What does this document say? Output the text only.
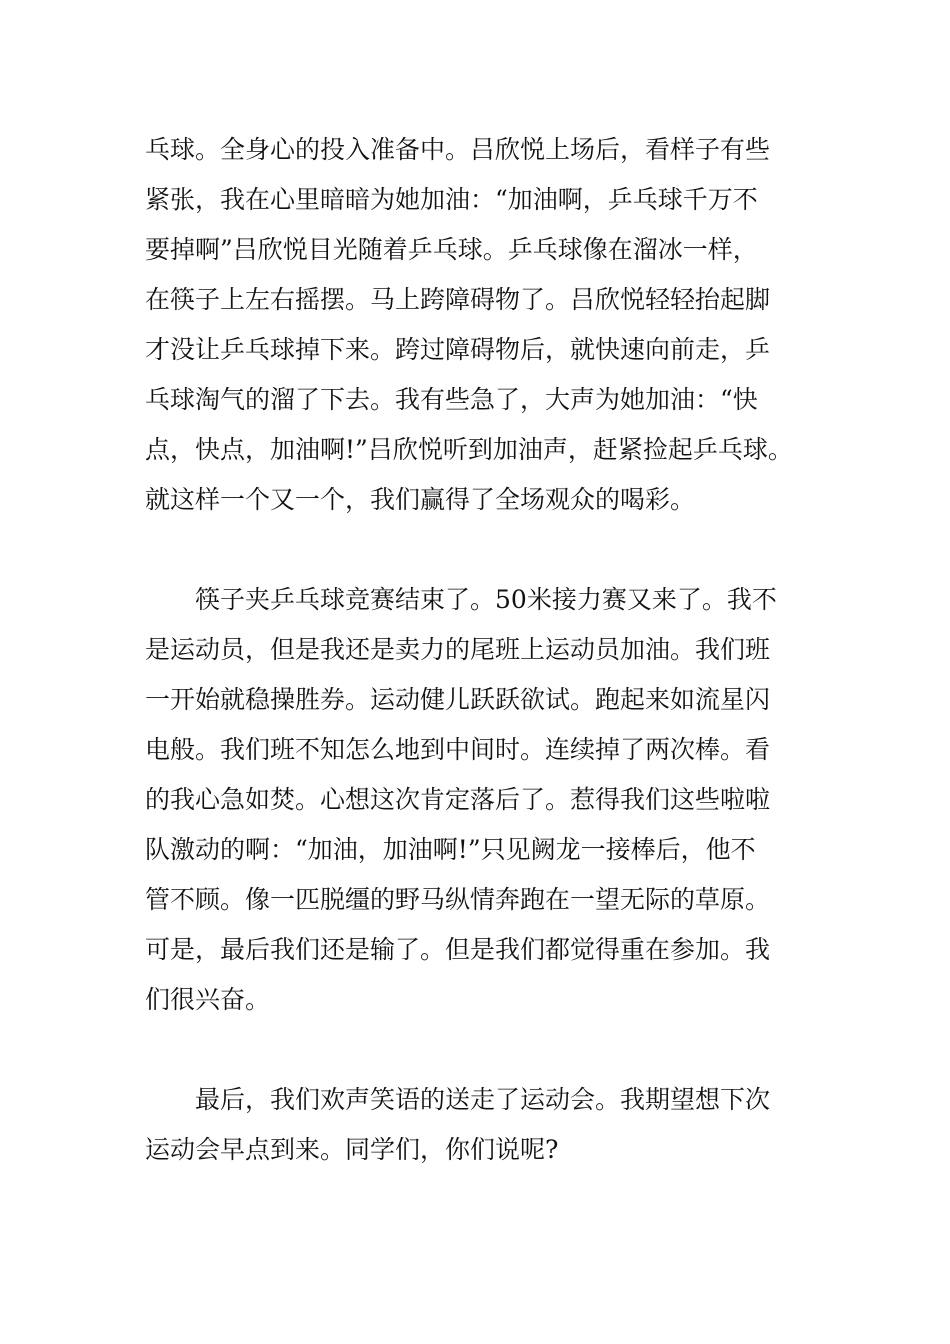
乓球。全身心的投入准备中。吕欣悦上场后，看样子有些
紧张，我在心里暗暗为她加油：“加油啊，乒乓球千万不
要掉啊”吕欣悦目光随着乒乓球。乒乓球像在溜冰一样，
在筷子上左右摇摆。马上跨障碍物了。吕欣悦轻轻抬起脚
才没让乒乓球掉下来。跨过障碍物后，就快速向前走，乒
乓球淘气的溜了下去。我有些急了，大声为她加油：“快
点，快点，加油啊!”吕欣悦听到加油声，赶紧捡起乒乓球。
就这样一个又一个，我们赢得了全场观众的喝彩。
　　筷子夹乒乓球竞赛结束了。50米接力赛又来了。我不
是运动员，但是我还是卖力的尾班上运动员加油。我们班
一开始就稳操胜券。运动健儿跃跃欲试。跑起来如流星闪
电般。我们班不知怎么地到中间时。连续掉了两次棒。看
的我心急如焚。心想这次肯定落后了。惹得我们这些啦啦
队激动的啊：“加油，加油啊!”只见阙龙一接棒后，他不
管不顾。像一匹脱缰的野马纵情奔跑在一望无际的草原。
可是，最后我们还是输了。但是我们都觉得重在参加。我
们很兴奋。
　　最后，我们欢声笑语的送走了运动会。我期望想下次
运动会早点到来。同学们，你们说呢?
